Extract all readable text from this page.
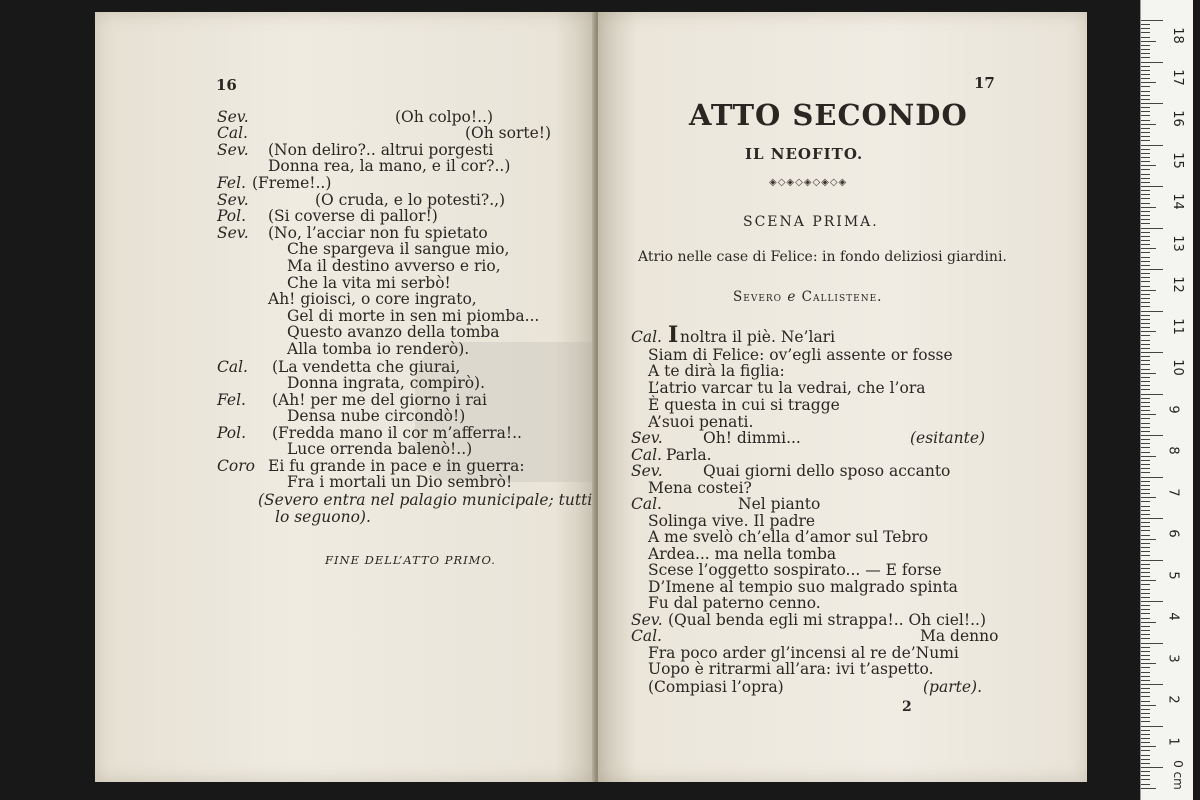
16
Sev.	(Oh colpo!..)
Cal.	(Oh sorte!)
Sev. (Non deliro?.. altrui porgesti
Donna rea, la mano, e il cor?..)
Fel. (Freme!..)
Sev.	(O cruda, e lo potesti?.,)
Pol. (Si coverse di pallor!)
Sev. (No, l’acciar non fu spietato
Che spargeva il sangue mio,
Ma il destino avverso e rio,
Che la vita mi serbò!
Ah! gioisci, o core ingrato,
Gel di morte in sen mi piomba...
Questo avanzo della tomba
Alla tomba io renderò).
Cal. (La vendetta che giurai,
Donna ingrata, compirò).
Fel. (Ah! per me del giorno i rai
Densa nube circondò!)
Pol. (Fredda mano il cor m’afferra!..
Luce orrenda balenò!..)
Coro Ei fu grande in pace e in guerra:
Fra i mortali un Dio sembrò!
(Severo entra nel palagio municipale; tutti
lo seguono).
FINE DELL’ATTO PRIMO.
17
ATTO SECONDO
IL NEOFITO.
◈◇◈◇◈◇◈◇◈
SCENA PRIMA.
Atrio nelle case di Felice: in fondo deliziosi giardini.
Severo e Callistene.
Cal. I noltra il piè. Ne’lari
Siam di Felice: ov’egli assente or fosse
A te dirà la figlia:
L’atrio varcar tu la vedrai, che l’ora
È questa in cui si tragge
A’suoi penati.
Sev.	Oh! dimmi...	(esitante)
Cal. Parla.
Sev.	Quai giorni dello sposo accanto
Mena costei?
Cal.	Nel pianto
Solinga vive. Il padre
A me svelò ch’ella d’amor sul Tebro
Ardea... ma nella tomba
Scese l’oggetto sospirato... — E forse
D’Imene al tempio suo malgrado spinta
Fu dal paterno cenno.
Sev. (Qual benda egli mi strappa!.. Oh ciel!..)
Cal.	Ma denno
Fra poco arder gl’incensi al re de’Numi
Uopo è ritrarmi all’ara: ivi t’aspetto.
(Compiasi l’opra)	(parte).
2
18
17
16
15
14
13
12
11
10
9
8
7
6
5
4
3
2
1
0 cm
